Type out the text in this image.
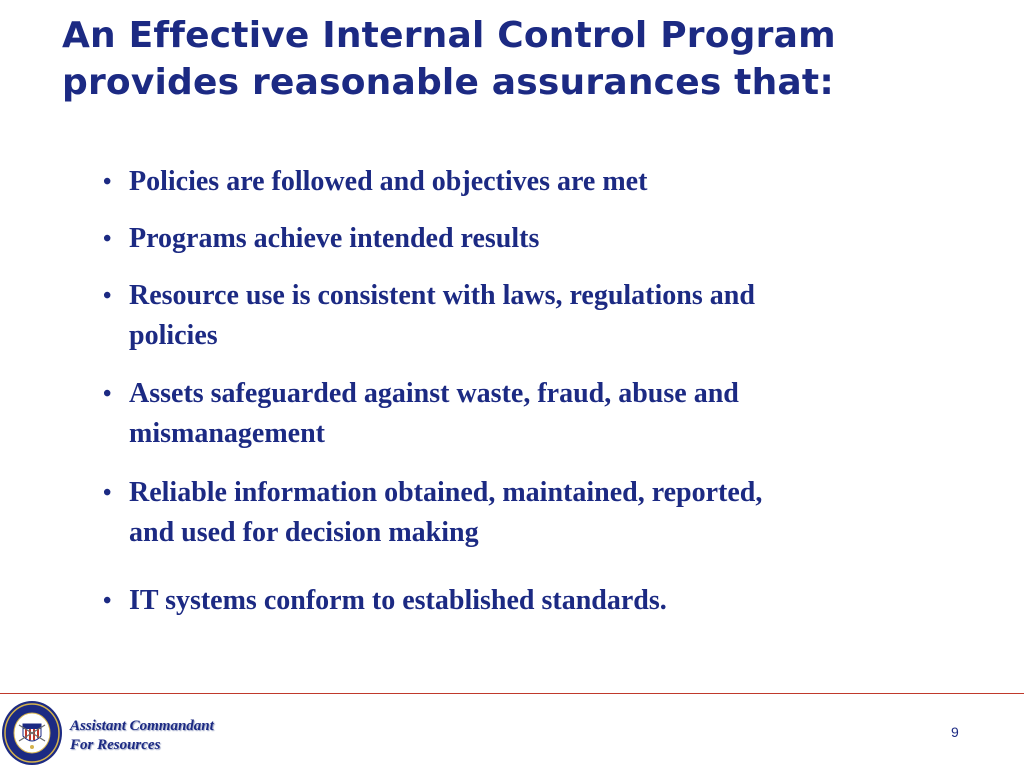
An Effective Internal Control Program
provides reasonable assurances that:
• Policies are followed and objectives are met
• Programs achieve intended results
• Resource use is consistent with laws, regulations and
policies
• Assets safeguarded against waste, fraud, abuse and
mismanagement
• Reliable information obtained, maintained, reported,
and used for decision making
• IT systems conform to established standards.
Assistant Commandant
For Resources
9
